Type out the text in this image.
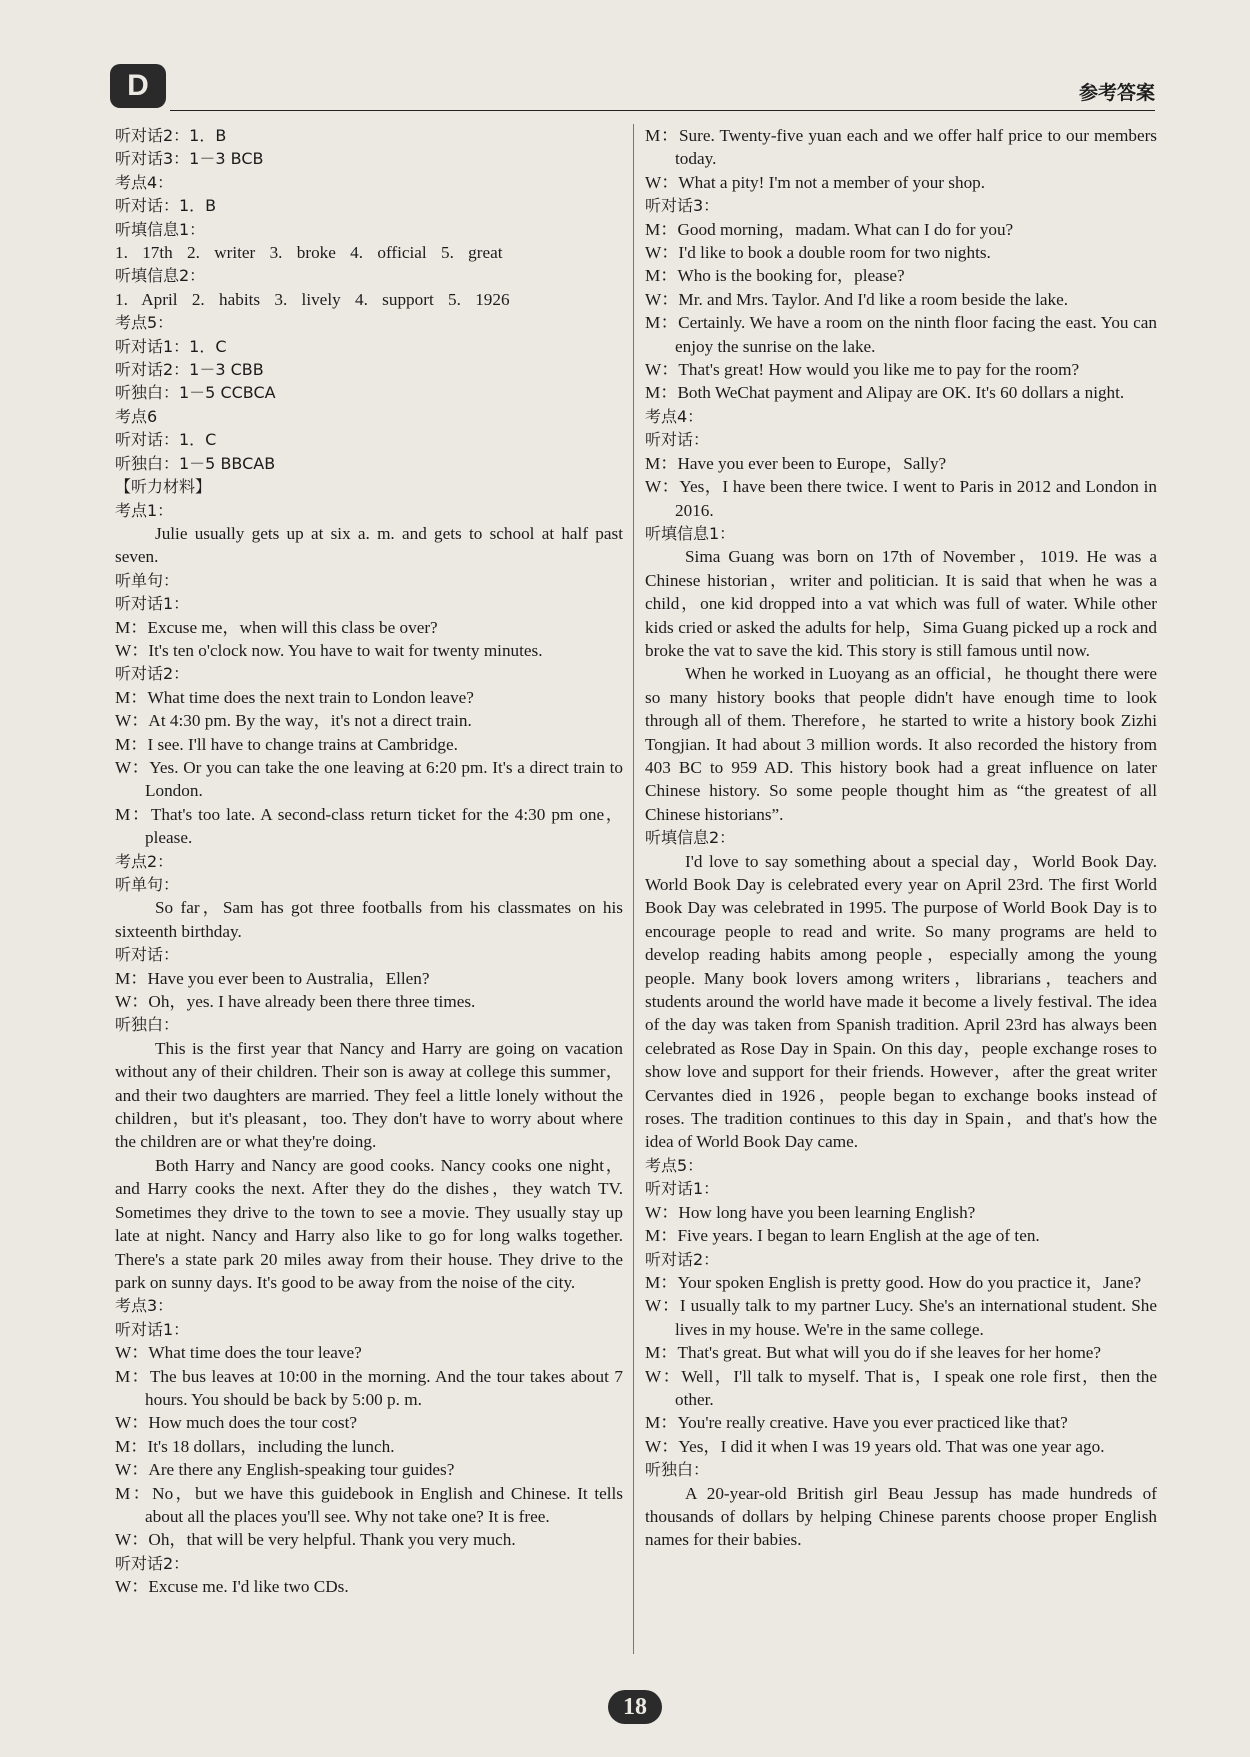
D	参考答案

听对话2：1．B

听对话3：1－3 BCB

考点4：

听对话：1．B

听填信息1：

1. 17th 2. writer 3. broke 4. official 5. great

听填信息2：

1. April 2. habits 3. lively 4. support 5. 1926

考点5：

听对话1：1．C

听对话2：1－3 CBB

听独白：1－5 CCBCA

考点6

听对话：1．C

听独白：1－5 BBCAB

【听力材料】

考点1：

Julie usually gets up at six a. m. and gets to school at half past seven.

听单句：

听对话1：

M：Excuse me，when will this class be over?

W：It's ten o'clock now. You have to wait for twenty minutes.

听对话2：

M：What time does the next train to London leave?

W：At 4:30 pm. By the way，it's not a direct train.

M：I see. I'll have to change trains at Cambridge.

W：Yes. Or you can take the one leaving at 6:20 pm. It's a direct train to London.

M：That's too late. A second-class return ticket for the 4:30 pm one，please.

考点2：

听单句：

So far，Sam has got three footballs from his classmates on his sixteenth birthday.

听对话：

M：Have you ever been to Australia，Ellen?

W：Oh，yes. I have already been there three times.

听独白：

This is the first year that Nancy and Harry are going on vacation without any of their children. Their son is away at college this summer，and their two daughters are married. They feel a little lonely without the children，but it's pleasant，too. They don't have to worry about where the children are or what they're doing.

Both Harry and Nancy are good cooks. Nancy cooks one night，and Harry cooks the next. After they do the dishes，they watch TV. Sometimes they drive to the town to see a movie. They usually stay up late at night. Nancy and Harry also like to go for long walks together. There's a state park 20 miles away from their house. They drive to the park on sunny days. It's good to be away from the noise of the city.

考点3：

听对话1：

W：What time does the tour leave?

M：The bus leaves at 10:00 in the morning. And the tour takes about 7 hours. You should be back by 5:00 p. m.

W：How much does the tour cost?

M：It's 18 dollars，including the lunch.

W：Are there any English-speaking tour guides?

M：No，but we have this guidebook in English and Chinese. It tells about all the places you'll see. Why not take one? It is free.

W：Oh，that will be very helpful. Thank you very much.

听对话2：

W：Excuse me. I'd like two CDs.

M：Sure. Twenty-five yuan each and we offer half price to our members today.

W：What a pity! I'm not a member of your shop.

听对话3：

M：Good morning，madam. What can I do for you?

W：I'd like to book a double room for two nights.

M：Who is the booking for，please?

W：Mr. and Mrs. Taylor. And I'd like a room beside the lake.

M：Certainly. We have a room on the ninth floor facing the east. You can enjoy the sunrise on the lake.

W：That's great! How would you like me to pay for the room?

M：Both WeChat payment and Alipay are OK. It's 60 dollars a night.

考点4：

听对话：

M：Have you ever been to Europe，Sally?

W：Yes，I have been there twice. I went to Paris in 2012 and London in 2016.

听填信息1：

Sima Guang was born on 17th of November，1019. He was a Chinese historian，writer and politician. It is said that when he was a child，one kid dropped into a vat which was full of water. While other kids cried or asked the adults for help，Sima Guang picked up a rock and broke the vat to save the kid. This story is still famous until now.

When he worked in Luoyang as an official，he thought there were so many history books that people didn't have enough time to look through all of them. Therefore，he started to write a history book Zizhi Tongjian. It had about 3 million words. It also recorded the history from 403 BC to 959 AD. This history book had a great influence on later Chinese history. So some people thought him as “the greatest of all Chinese historians”.

听填信息2：

I'd love to say something about a special day，World Book Day. World Book Day is celebrated every year on April 23rd. The first World Book Day was celebrated in 1995. The purpose of World Book Day is to encourage people to read and write. So many programs are held to develop reading habits among people，especially among the young people. Many book lovers among writers，librarians，teachers and students around the world have made it become a lively festival. The idea of the day was taken from Spanish tradition. April 23rd has always been celebrated as Rose Day in Spain. On this day，people exchange roses to show love and support for their friends. However，after the great writer Cervantes died in 1926，people began to exchange books instead of roses. The tradition continues to this day in Spain，and that's how the idea of World Book Day came.

考点5：

听对话1：

W：How long have you been learning English?

M：Five years. I began to learn English at the age of ten.

听对话2：

M：Your spoken English is pretty good. How do you practice it，Jane?

W：I usually talk to my partner Lucy. She's an international student. She lives in my house. We're in the same college.

M：That's great. But what will you do if she leaves for her home?

W：Well，I'll talk to myself. That is，I speak one role first，then the other.

M：You're really creative. Have you ever practiced like that?

W：Yes，I did it when I was 19 years old. That was one year ago.

听独白：

A 20-year-old British girl Beau Jessup has made hundreds of thousands of dollars by helping Chinese parents choose proper English names for their babies.

18
